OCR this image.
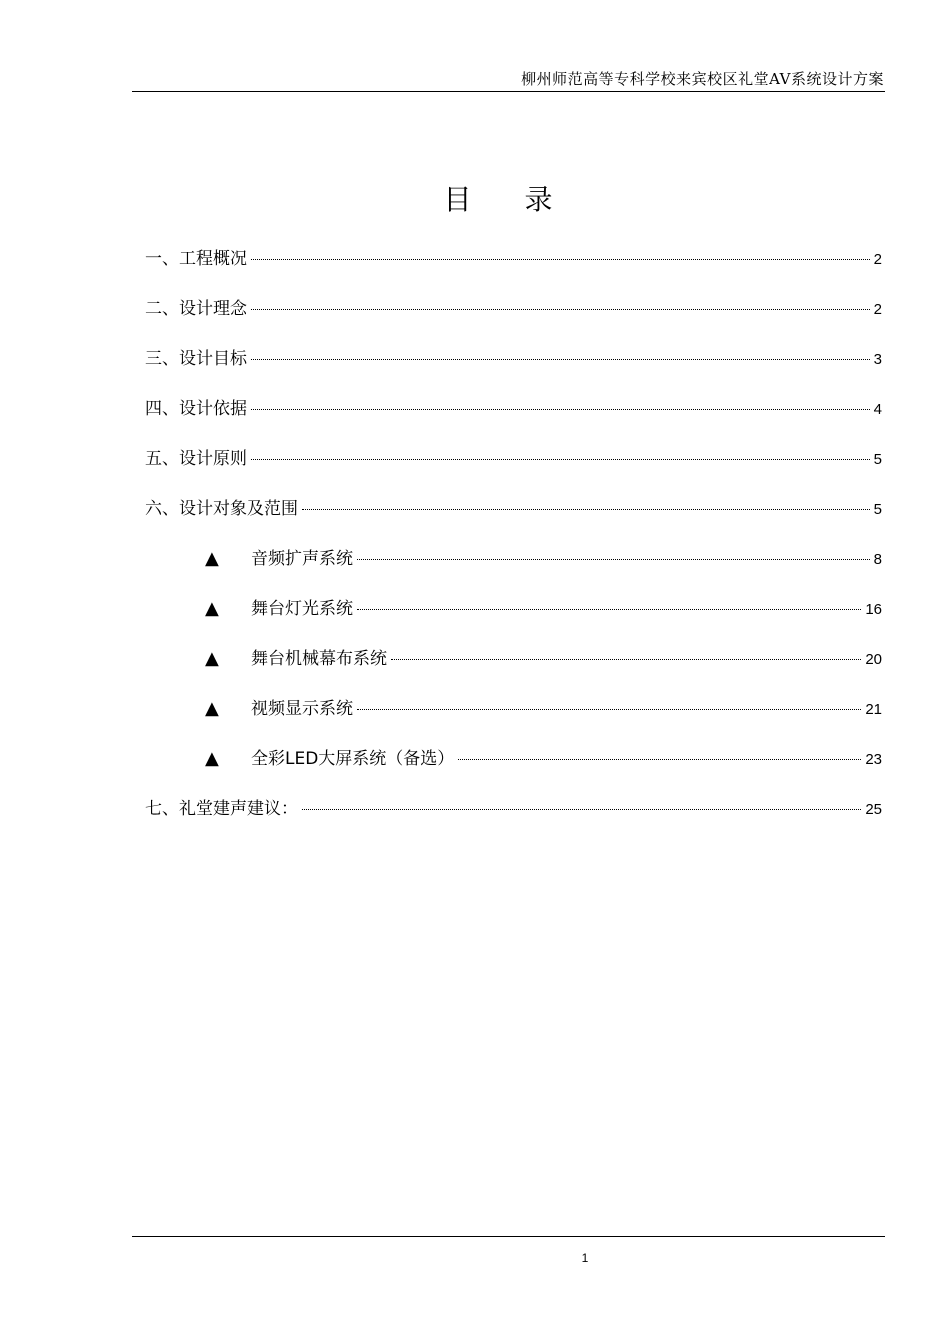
柳州师范高等专科学校来宾校区礼堂AV系统设计方案
目 录
一、工程概况	2
二、设计理念	2
三、设计目标	3
四、设计依据	4
五、设计原则	5
六、设计对象及范围	5
▲	音频扩声系统	8
▲	舞台灯光系统	16
▲	舞台机械幕布系统	20
▲	视频显示系统	21
▲	全彩LED大屏系统（备选）	23
七、礼堂建声建议：	25
1
